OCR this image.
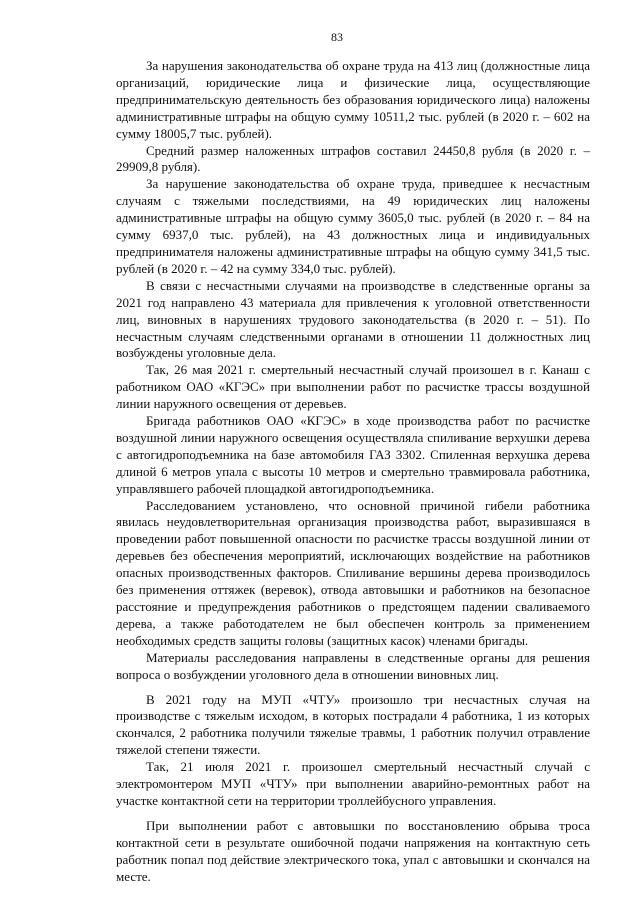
83

За нарушения законодательства об охране труда на 413 лиц (должностные лица организаций, юридические лица и физические лица, осуществляющие предпринимательскую деятельность без образования юридического лица) наложены административные штрафы на общую сумму 10511,2 тыс. рублей (в 2020 г. – 602 на сумму 18005,7 тыс. рублей).

Средний размер наложенных штрафов составил 24450,8 рубля (в 2020 г. – 29909,8 рубля).

За нарушение законодательства об охране труда, приведшее к несчастным случаям с тяжелыми последствиями, на 49 юридических лиц наложены административные штрафы на общую сумму 3605,0 тыс. рублей (в 2020 г. – 84 на сумму 6937,0 тыс. рублей), на 43 должностных лица и индивидуальных предпринимателя наложены административные штрафы на общую сумму 341,5 тыс. рублей (в 2020 г. – 42 на сумму 334,0 тыс. рублей).

В связи с несчастными случаями на производстве в следственные органы за 2021 год направлено 43 материала для привлечения к уголовной ответственности лиц, виновных в нарушениях трудового законодательства (в 2020 г. – 51). По несчастным случаям следственными органами в отношении 11 должностных лиц возбуждены уголовные дела.

Так, 26 мая 2021 г. смертельный несчастный случай произошел в г. Канаш с работником ОАО «КГЭС» при выполнении работ по расчистке трассы воздушной линии наружного освещения от деревьев.

Бригада работников ОАО «КГЭС» в ходе производства работ по расчистке воздушной линии наружного освещения осуществляла спиливание верхушки дерева с автогидроподъемника на базе автомобиля ГАЗ 3302. Спиленная верхушка дерева длиной 6 метров упала с высоты 10 метров и смертельно травмировала работника, управлявшего рабочей площадкой автогидроподъемника.

Расследованием установлено, что основной причиной гибели работника явилась неудовлетворительная организация производства работ, выразившаяся в проведении работ повышенной опасности по расчистке трассы воздушной линии от деревьев без обеспечения мероприятий, исключающих воздействие на работников опасных производственных факторов. Спиливание вершины дерева производилось без применения оттяжек (веревок), отвода автовышки и работников на безопасное расстояние и предупреждения работников о предстоящем падении сваливаемого дерева, а также работодателем не был обеспечен контроль за применением необходимых средств защиты головы (защитных касок) членами бригады.

Материалы расследования направлены в следственные органы для решения вопроса о возбуждении уголовного дела в отношении виновных лиц.

В 2021 году на МУП «ЧТУ» произошло три несчастных случая на производстве с тяжелым исходом, в которых пострадали 4 работника, 1 из которых скончался, 2 работника получили тяжелые травмы, 1 работник получил отравление тяжелой степени тяжести.

Так, 21 июля 2021 г. произошел смертельный несчастный случай с электромонтером МУП «ЧТУ» при выполнении аварийно-ремонтных работ на участке контактной сети на территории троллейбусного управления.

При выполнении работ с автовышки по восстановлению обрыва троса контактной сети в результате ошибочной подачи напряжения на контактную сеть работник попал под действие электрического тока, упал с автовышки и скончался на месте.
